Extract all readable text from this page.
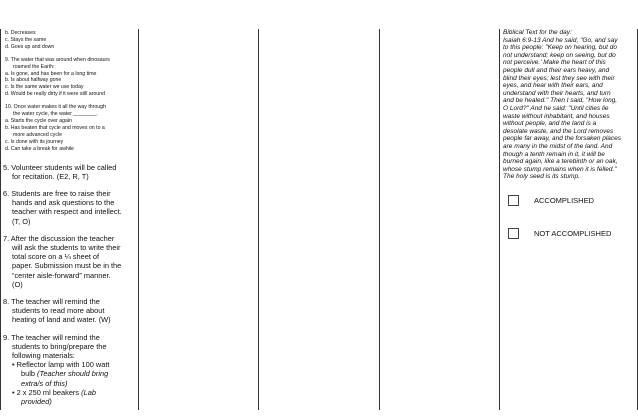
b. Decreases

c. Stays the same

d. Goes up and down

9. The water that was around when dinosaurs

roamed the Earth:

a. Is gone, and has been for a long time

b. Is about halfway gone

c. Is the same water we use today

d. Would be really dirty if it were still around

10. Once water makes it all the way through

the water cycle, the water ________.

a. Starts the cycle over again

b. Has beaten that cycle and moves on to a

more advanced cycle

c. Is done with its journey

d. Can take a break for awhile

5. Volunteer students will be called

for recitation. (E2, R, T)

6. Students are free to raise their

hands and ask questions to the

teacher with respect and intellect.

(T, O)

7. After the discussion the teacher

will ask the students to write their

total score on a ¼ sheet of

paper. Submission must be in the

“center aisle-forward” manner.

(O)

8. The teacher will remind the

students to read more about

heating of land and water. (W)

9. The teacher will remind the

students to bring/prepare the

following materials:

• Reflector lamp with 100 watt

bulb (Teacher should bring

extra/s of this)

• 2 x 250 ml beakers (Lab

provided)

Biblical Text for the day:

Isaiah 6:9-13 And he said, "Go, and say

to this people: "Keep on hearing, but do

not understand; keep on seeing, but do

not perceive.' Make the heart of this

people dull and their ears heavy, and

blind their eyes; lest they see with their

eyes, and hear with their ears, and

understand with their hearts, and turn

and be healed." Then I said, "How long,

O Lord?" And he said: "Until cities lie

waste without inhabitant, and houses

without people, and the land is a

desolate waste, and the Lord removes

people far away, and the forsaken places

are many in the midst of the land. And

though a tenth remain in it, it will be

burned again, like a terebinth or an oak,

whose stump remains when it is felled."

The holy seed is its stump.

ACCOMPLISHED
NOT ACCOMPLISHED
